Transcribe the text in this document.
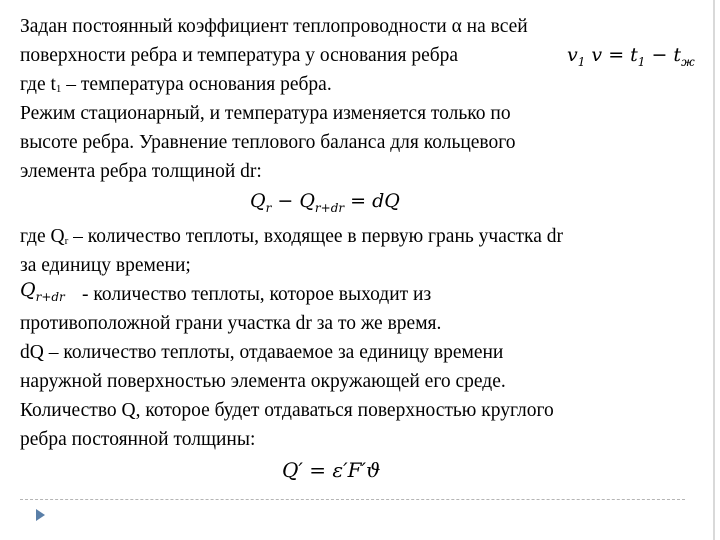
Задан постоянный коэффициент теплопроводности α на всей
поверхности ребра и температура у основания ребра	$v_1$ $v = t_1 - t_ж$
где t1 – температура основания ребра.
Режим стационарный, и температура изменяется только по
высоте ребра. Уравнение теплового баланса для кольцевого
элемента ребра толщиной dr:
$Q_r - Q_{r+dr}$ = dQ
где Qr – количество теплоты, входящее в первую грань участка dr
за единицу времени;
$Q_{r+dr}$ - количество теплоты, которое выходит из
противоположной грани участка dr за то же время.
dQ – количество теплоты, отдаваемое за единицу времени
наружной поверхностью элемента окружающей его среде.
Количество Q, которое будет отдаваться поверхностью круглого
ребра постоянной толщины:
Q′ = ε′F′ϑ
